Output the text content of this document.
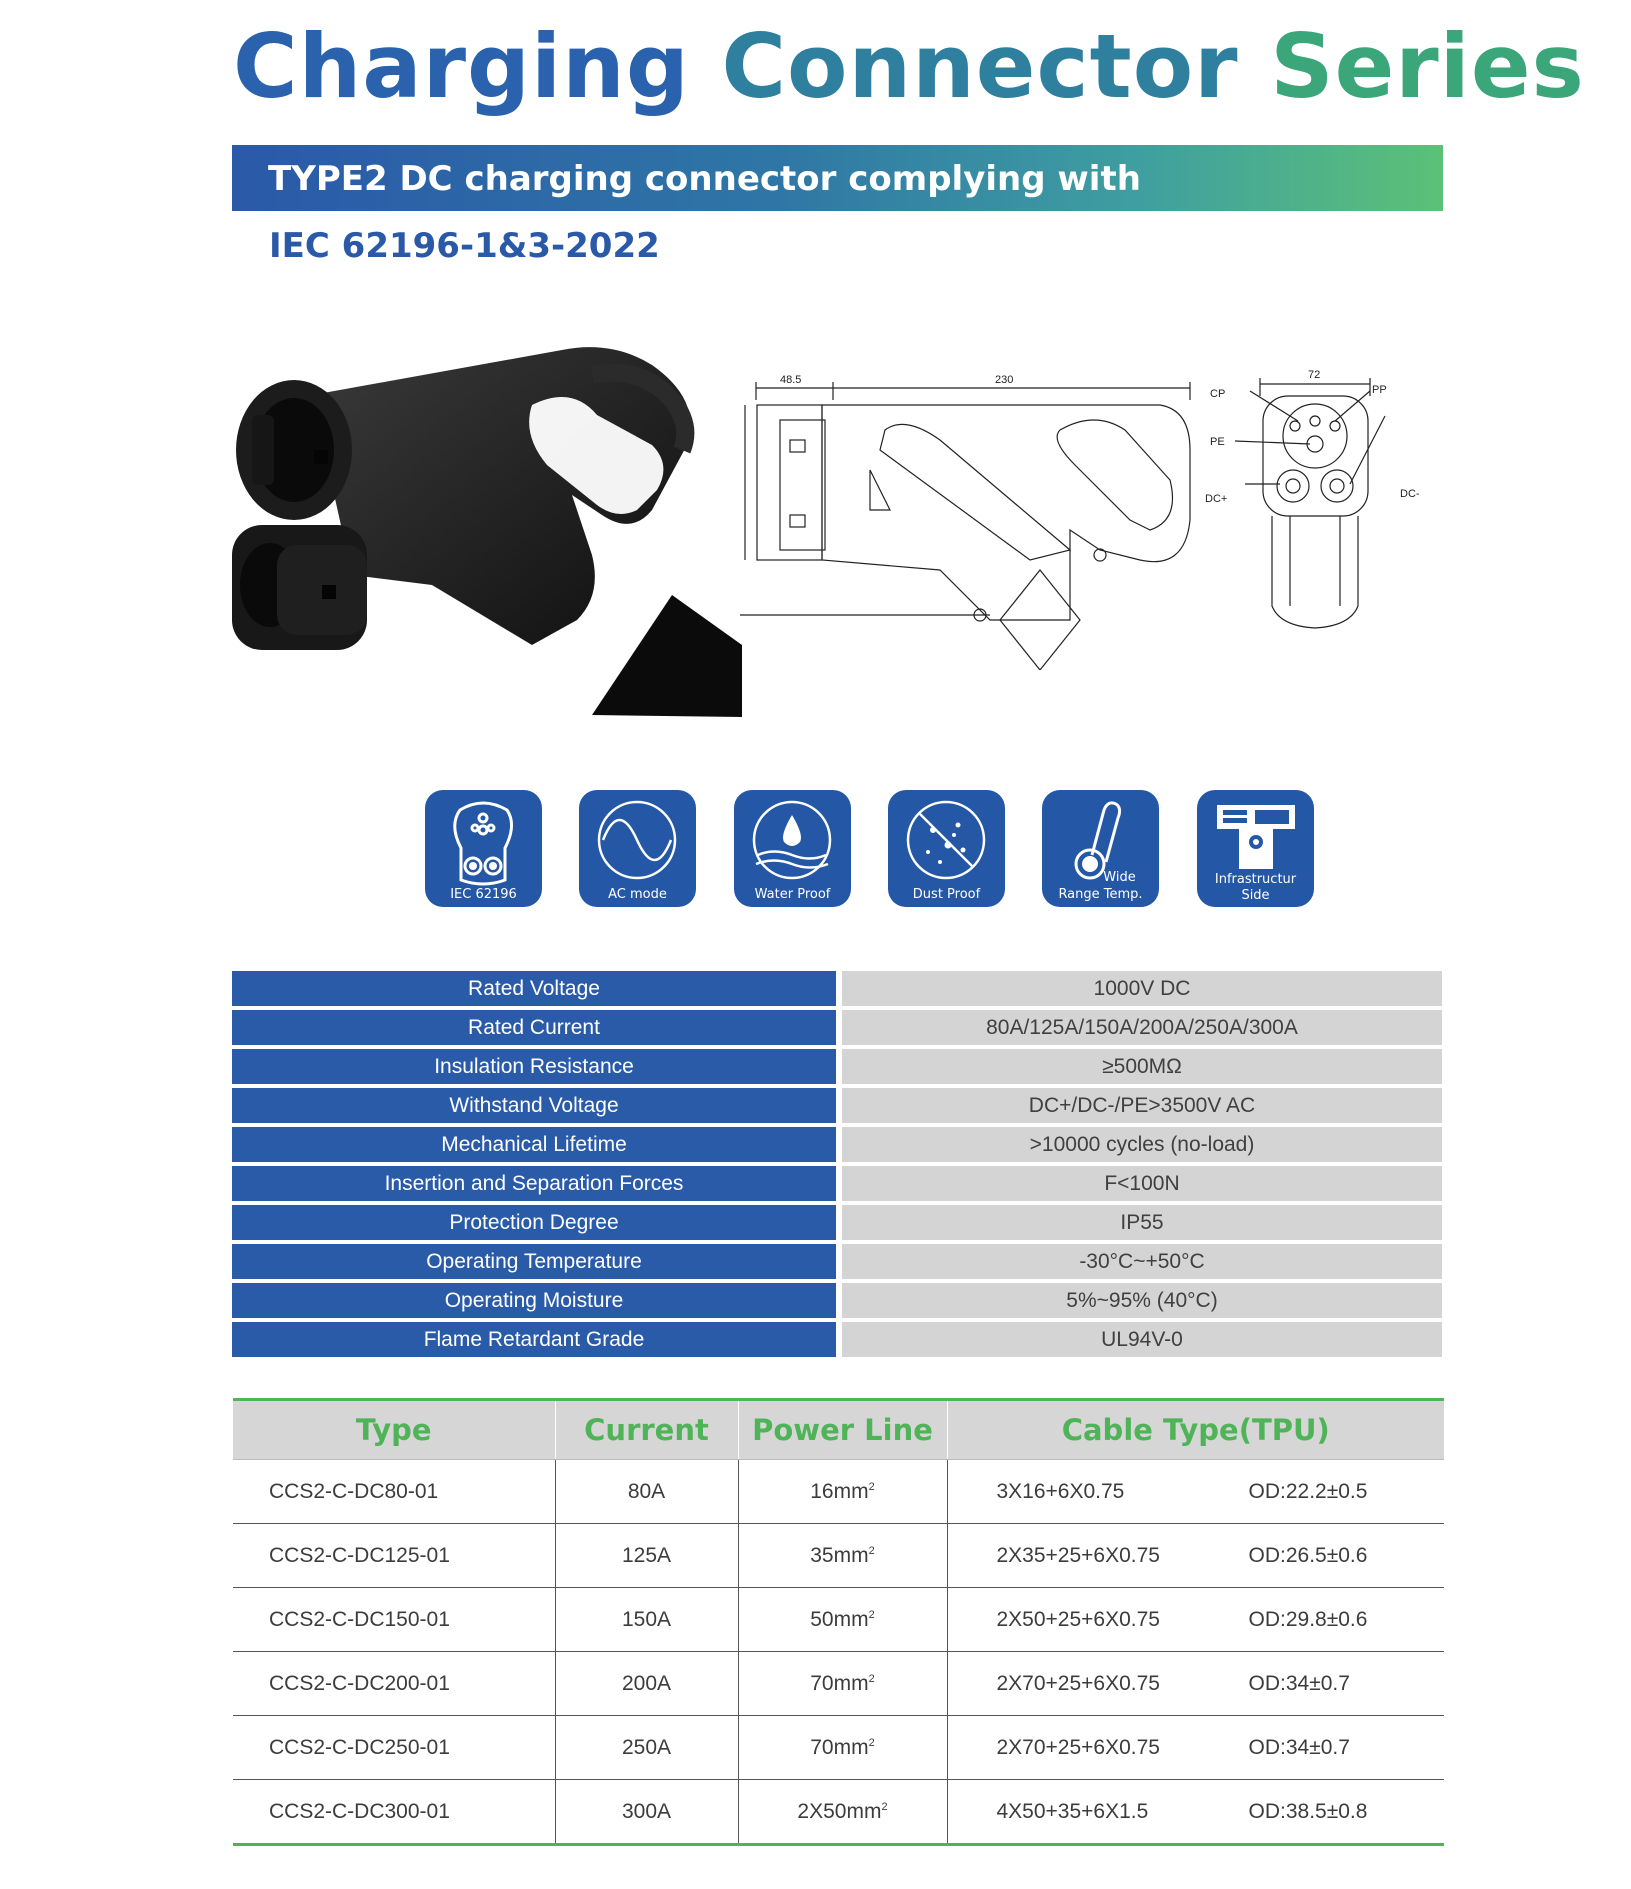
Charging Connector Series
TYPE2 DC charging connector complying with
IEC 62196-1&3-2022
48.5	230	72
CP	PP
PE
DC+	DC-
IEC 62196	AC mode	Water Proof	Dust Proof
Wide
Range Temp.
Infrastructur
Side
Rated Voltage		1000V DC
Rated Current		80A/125A/150A/200A/250A/300A
Insulation Resistance		≥500MΩ
Withstand Voltage		DC+/DC-/PE>3500V AC
Mechanical Lifetime		>10000 cycles (no-load)
Insertion and Separation Forces		F<100N
Protection Degree		IP55
Operating Temperature		-30°C~+50°C
Operating Moisture		5%~95% (40°C)
Flame Retardant Grade		UL94V-0
Type	Current	Power Line	Cable Type(TPU)
CCS2-C-DC80-01	80A	$16mm^2$	3X16+6X0.75 OD:22.2±0.5
CCS2-C-DC125-01	125A	$35mm^2$	2X35+25+6X0.75 OD:26.5±0.6
CCS2-C-DC150-01	150A	$50mm^2$	2X50+25+6X0.75 OD:29.8±0.6
CCS2-C-DC200-01	200A	$70mm^2$	2X70+25+6X0.75 OD:34±0.7
CCS2-C-DC250-01	250A	$70mm^2$	2X70+25+6X0.75 OD:34±0.7
CCS2-C-DC300-01	300A	$2X50mm^2$	4X50+35+6X1.5 OD:38.5±0.8
